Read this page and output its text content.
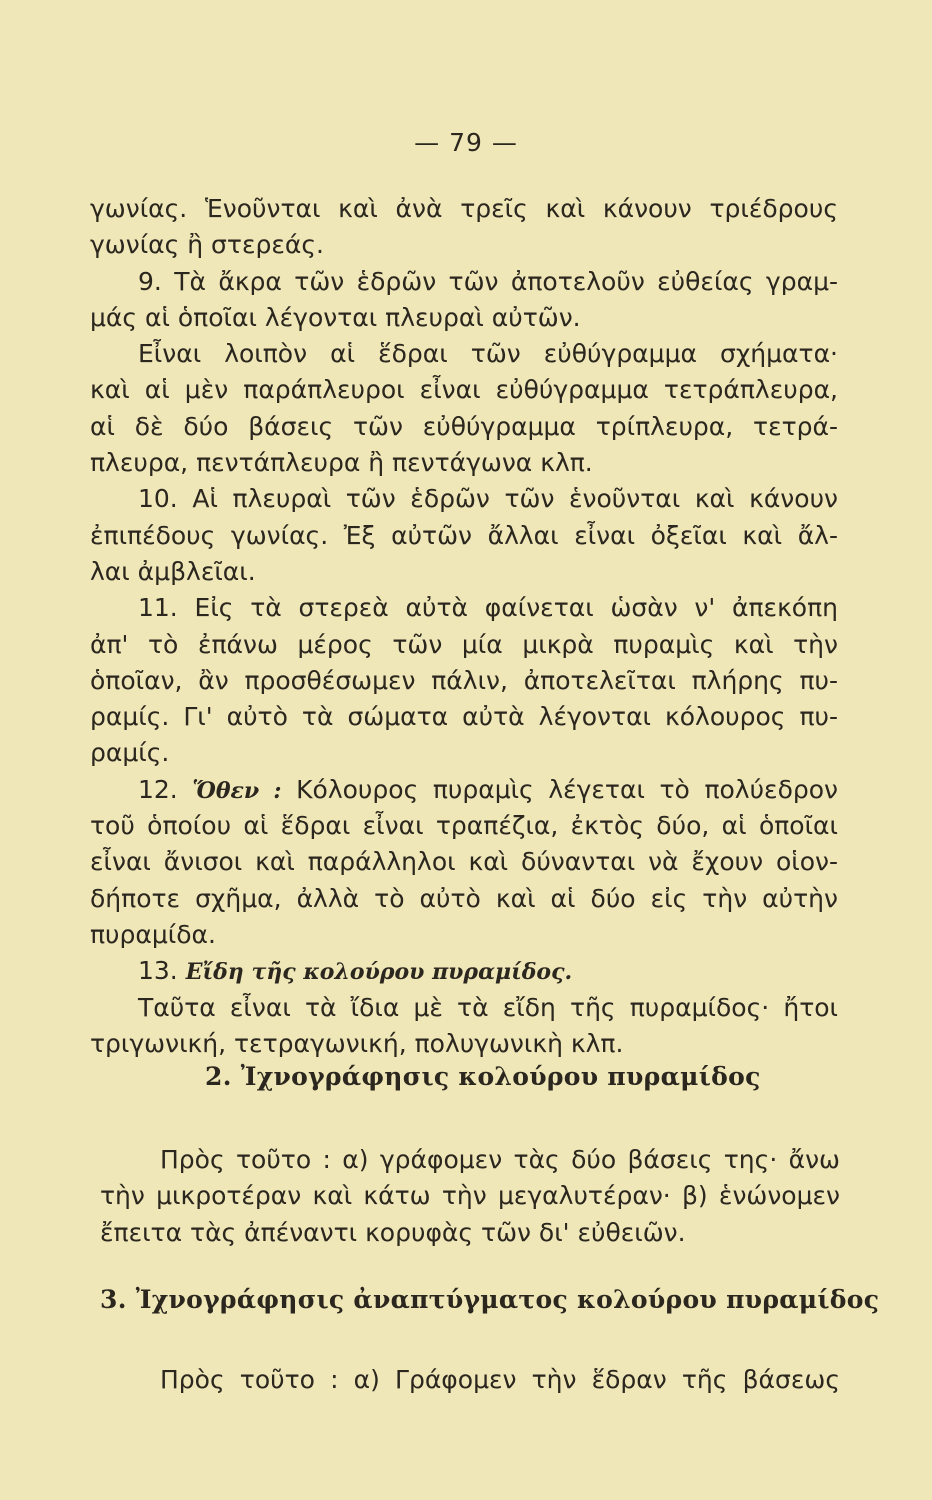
— 79 —
γωνίας. Ἑνοῦνται καὶ ἀνὰ τρεῖς καὶ κάνουν τριέδρους
γωνίας ἢ στερεάς.
9. Τὰ ἄκρα τῶν ἑδρῶν τῶν ἀποτελοῦν εὐθείας γραμ-
μάς αἱ ὁποῖαι λέγονται πλευραὶ αὐτῶν.
Εἶναι λοιπὸν αἱ ἕδραι τῶν εὐθύγραμμα σχήματα·
καὶ αἱ μὲν παράπλευροι εἶναι εὐθύγραμμα τετράπλευρα,
αἱ δὲ δύο βάσεις τῶν εὐθύγραμμα τρίπλευρα, τετρά-
πλευρα, πεντάπλευρα ἢ πεντάγωνα κλπ.
10. Αἱ πλευραὶ τῶν ἑδρῶν τῶν ἑνοῦνται καὶ κάνουν
ἐπιπέδους γωνίας. Ἐξ αὐτῶν ἄλλαι εἶναι ὀξεῖαι καὶ ἄλ-
λαι ἀμβλεῖαι.
11. Εἰς τὰ στερεὰ αὐτὰ φαίνεται ὡσὰν ν' ἀπεκόπη
ἀπ' τὸ ἐπάνω μέρος τῶν μία μικρὰ πυραμὶς καὶ τὴν
ὁποῖαν, ἂν προσθέσωμεν πάλιν, ἀποτελεῖται πλήρης πυ-
ραμίς. Γι' αὐτὸ τὰ σώματα αὐτὰ λέγονται κόλουρος πυ-
ραμίς.
12. Ὅθεν : Κόλουρος πυραμὶς λέγεται τὸ πολύεδρον
τοῦ ὁποίου αἱ ἕδραι εἶναι τραπέζια, ἐκτὸς δύο, αἱ ὁποῖαι
εἶναι ἄνισοι καὶ παράλληλοι καὶ δύνανται νὰ ἔχουν οἱον-
δήποτε σχῆμα, ἀλλὰ τὸ αὐτὸ καὶ αἱ δύο εἰς τὴν αὐτὴν
πυραμίδα.
13. Εἴδη τῆς κολούρου πυραμίδος.
Ταῦτα εἶναι τὰ ἴδια μὲ τὰ εἴδη τῆς πυραμίδος· ἤτοι
τριγωνική, τετραγωνική, πολυγωνικὴ κλπ.
2. Ἰχνογράφησις κολούρου πυραμίδος
Πρὸς τοῦτο : α) γράφομεν τὰς δύο βάσεις της· ἄνω
τὴν μικροτέραν καὶ κάτω τὴν μεγαλυτέραν· β) ἑνώνομεν
ἔπειτα τὰς ἀπέναντι κορυφὰς τῶν δι' εὐθειῶν.
3. Ἰχνογράφησις ἀναπτύγματος κολούρου πυραμίδος
Πρὸς τοῦτο : α) Γράφομεν τὴν ἕδραν τῆς βάσεως
